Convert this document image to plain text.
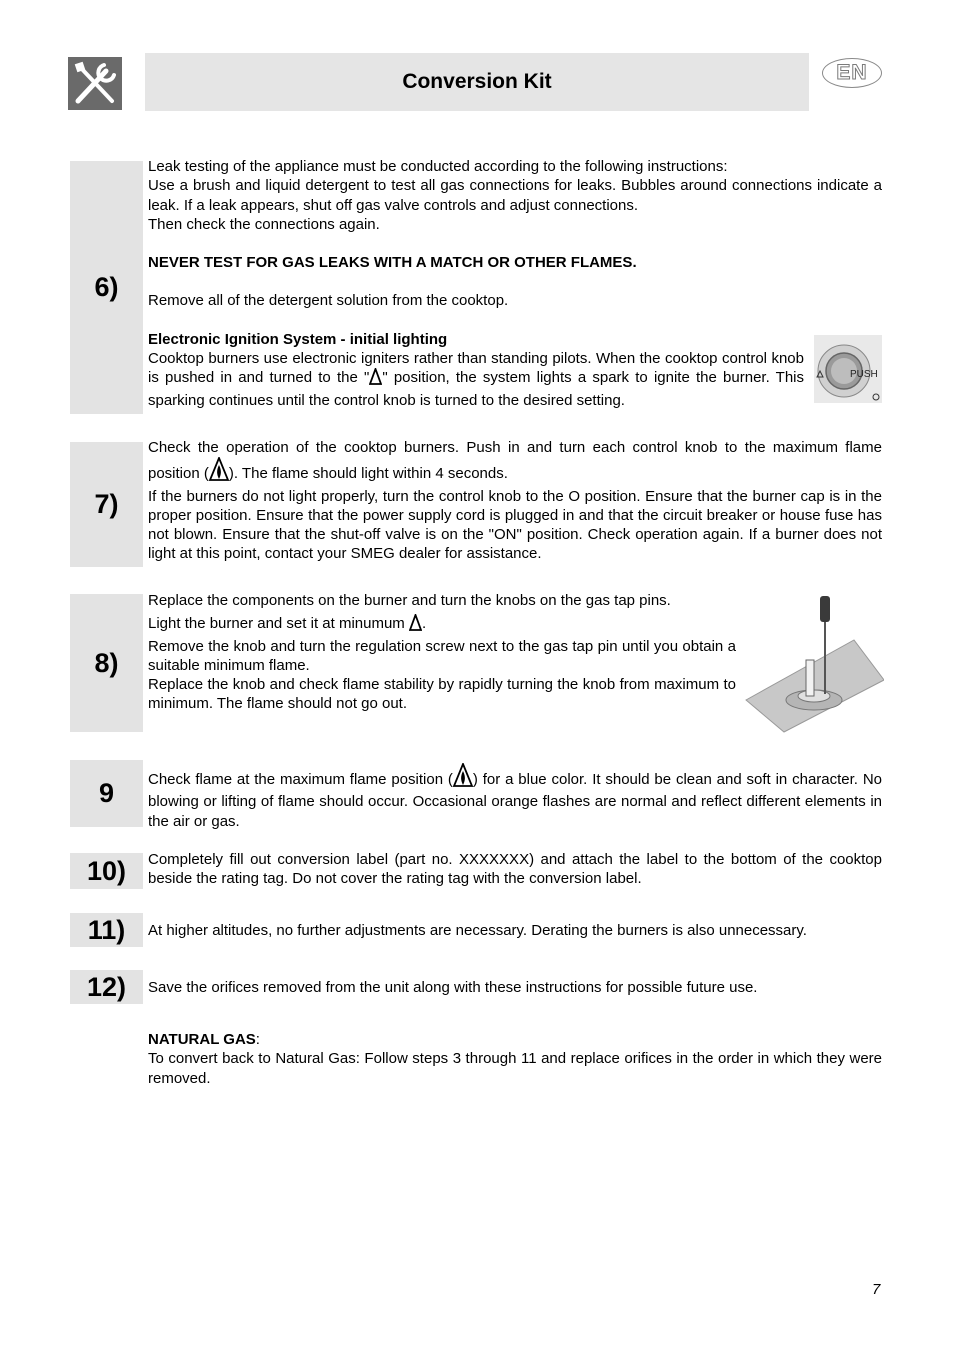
Conversion Kit	EN
6)

Leak testing of the appliance must be conducted according to the following instructions:

Use a brush and liquid detergent to test all gas connections for leaks. Bubbles around connections indicate a leak. If a leak appears, shut off gas valve controls and adjust connections.

Then check the connections again.

NEVER TEST FOR GAS LEAKS WITH A MATCH OR OTHER FLAMES.

Remove all of the detergent solution from the cooktop.

Electronic Ignition System - initial lighting

Cooktop burners use electronic igniters rather than standing pilots. When the cooktop control knob is pushed in and turned to the " " position, the system lights a spark to ignite the burner. This sparking continues until the control knob is turned to the desired setting.

PUSH
7)

Check the operation of the cooktop burners. Push in and turn each control knob to the maximum flame position ( ). The flame should light within 4 seconds.

If the burners do not light properly, turn the control knob to the O position. Ensure that the burner cap is in the proper position. Ensure that the power supply cord is plugged in and that the circuit breaker or house fuse has not blown. Ensure that the shut-off valve is on the "ON" position. Check operation again. If a burner does not light at this point, contact your SMEG dealer for assistance.

8)

Replace the components on the burner and turn the knobs on the gas tap pins.

Light the burner and set it at minumum .

Remove the knob and turn the regulation screw next to the gas tap pin until you obtain a suitable minimum flame.

Replace the knob and check flame stability by rapidly turning the knob from maximum to minimum. The flame should not go out.

9	Check flame at the maximum flame position ( ) for a blue color. It should be clean and soft in character. No blowing or lifting of flame should occur. Occasional orange flashes are normal and reflect different elements in the air or gas.

10)	Completely fill out conversion label (part no. XXXXXXX) and attach the label to the bottom of the cooktop beside the rating tag. Do not cover the rating tag with the conversion label.
11)	At higher altitudes, no further adjustments are necessary. Derating the burners is also unnecessary.
12)	Save the orifices removed from the unit along with these instructions for possible future use.

NATURAL GAS:

To convert back to Natural Gas: Follow steps 3 through 11 and replace orifices in the order in which they were removed.

7
